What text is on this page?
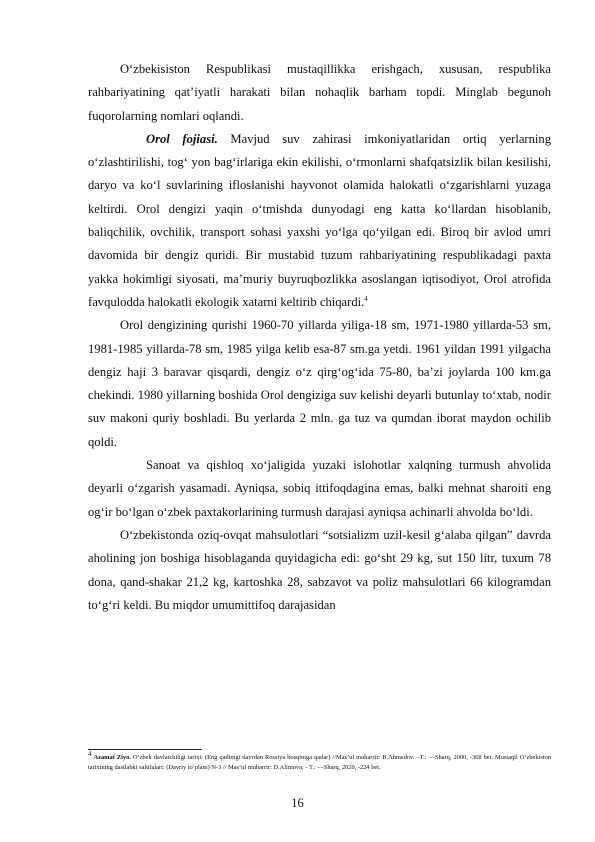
O‘zbekisiston Respublikasi mustaqillikka erishgach, xususan, respublika rahbariyatining qat’iyatli harakati bilan nohaqlik barham topdi. Minglab begunoh fuqorolarning nomlari oqlandi.

Orol fojiasi. Mavjud suv zahirasi imkoniyatlaridan ortiq yerlarning o‘zlashtirilishi, tog‘ yon bag‘irlariga ekin ekilishi, o‘rmonlarni shafqatsizlik bilan kesilishi, daryo va ko‘l suvlarining ifloslanishi hayvonot olamida halokatli o‘zgarishlarni yuzaga keltirdi. Orol dengizi yaqin o‘tmishda dunyodagi eng katta ko‘llardan hisoblanib, baliqchilik, ovchilik, transport sohasi yaxshi yo‘lga qo‘yilgan edi. Biroq bir avlod umri davomida bir dengiz quridi. Bir mustabid tuzum rahbariyatining respublikadagi paxta yakka hokimligi siyosati, ma’muriy buyruqbozlikka asoslangan iqtisodiyot, Orol atrofida favqulodda halokatli ekologik xatarni keltirib chiqardi.$^4$

Orol dengizining qurishi 1960-70 yillarda yiliga-18 sm, 1971-1980 yillarda-53 sm, 1981-1985 yillarda-78 sm, 1985 yilga kelib esa-87 sm.ga yetdi. 1961 yildan 1991 yilgacha dengiz haji 3 baravar qisqardi, dengiz o‘z qirg‘og‘ida 75-80, ba’zi joylarda 100 km.ga chekindi. 1980 yillarning boshida Orol dengiziga suv kelishi deyarli butunlay to‘xtab, nodir suv makoni quriy boshladi. Bu yerlarda 2 mln. ga tuz va qumdan iborat maydon ochilib qoldi.

Sanoat va qishloq xo‘jaligida yuzaki islohotlar xalqning turmush ahvolida deyarli o‘zgarish yasamadi. Ayniqsa, sobiq ittifoqdagina emas, balki mehnat sharoiti eng og‘ir bo‘lgan o‘zbek paxtakorlarining turmush darajasi ayniqsa achinarli ahvolda bo‘ldi.

O‘zbekistonda oziq-ovqat mahsulotlari “sotsializm uzil-kesil g‘alaba qilgan” davrda aholining jon boshiga hisoblaganda quyidagicha edi: go‘sht 29 kg, sut 150 litr, tuxum 78 dona, qand-shakar 21,2 kg, kartoshka 28, sabzavot va poliz mahsulotlari 66 kilogramdan to‘g‘ri keldi. Bu miqdor umumittifoq darajasidan

$^4$ Azamat Ziyo. O‘zbek davlatchiligi tarixi: (Eng qadimgi davrdan Rossiya bosqiniga qadar) //Mas’ul muharrir: B.Ahmedov. –T.: —Sharq, 2000, -368 bet. Mustaqil O‘zbekiston tarixining dastlabki sahifalari: (Davriy to‘plam) N-3 // Mas’ul muharrir: D.Alimova; - T.: —Sharq, 2020, -224 bet.
16
